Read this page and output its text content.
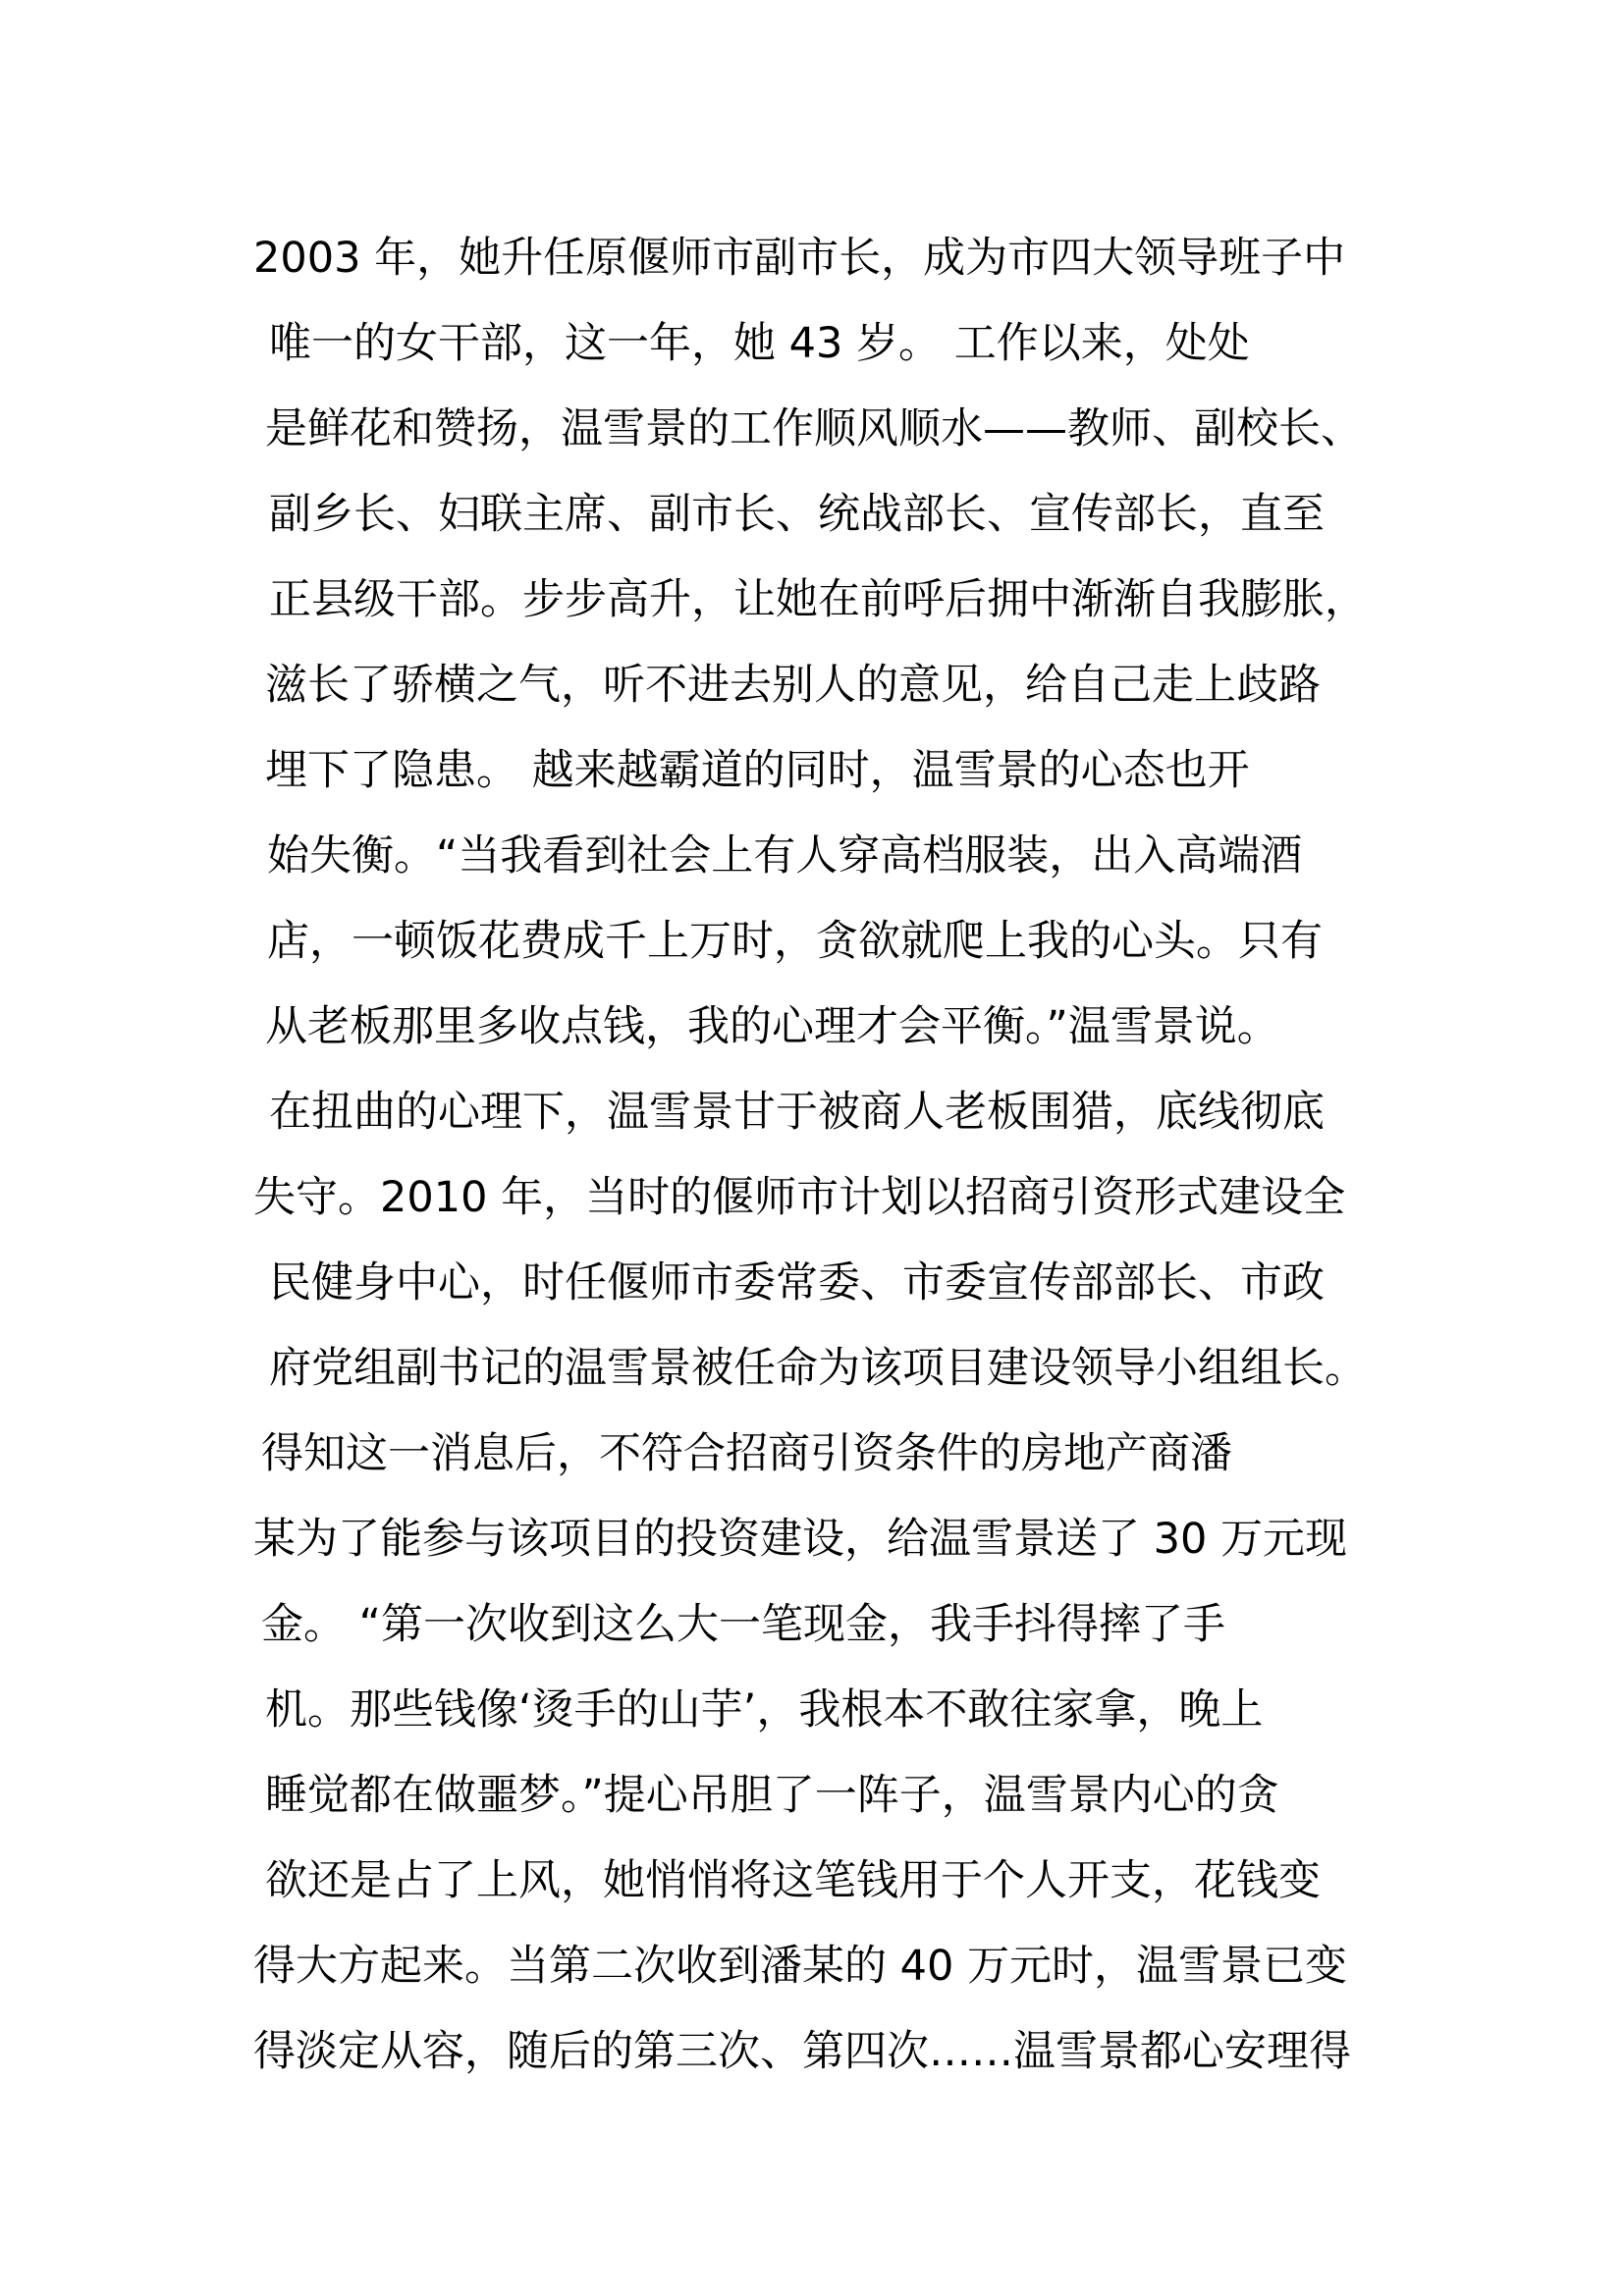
2003 年，她升任原偃师市副市长，成为市四大领导班子中
唯一的女干部，这一年，她 43 岁。 工作以来，处处
是鲜花和赞扬，温雪景的工作顺风顺水——教师、副校长、
副乡长、妇联主席、副市长、统战部长、宣传部长，直至
正县级干部。步步高升，让她在前呼后拥中渐渐自我膨胀，
滋长了骄横之气，听不进去别人的意见，给自己走上歧路
埋下了隐患。 越来越霸道的同时，温雪景的心态也开
始失衡。“当我看到社会上有人穿高档服装，出入高端酒
店，一顿饭花费成千上万时，贪欲就爬上我的心头。只有
从老板那里多收点钱，我的心理才会平衡。”温雪景说。
在扭曲的心理下，温雪景甘于被商人老板围猎，底线彻底
失守。2010 年，当时的偃师市计划以招商引资形式建设全
民健身中心，时任偃师市委常委、市委宣传部部长、市政
府党组副书记的温雪景被任命为该项目建设领导小组组长。
得知这一消息后，不符合招商引资条件的房地产商潘
某为了能参与该项目的投资建设，给温雪景送了 30 万元现
金。 “第一次收到这么大一笔现金，我手抖得摔了手
机。那些钱像‘烫手的山芋’，我根本不敢往家拿，晚上
睡觉都在做噩梦。”提心吊胆了一阵子，温雪景内心的贪
欲还是占了上风，她悄悄将这笔钱用于个人开支，花钱变
得大方起来。当第二次收到潘某的 40 万元时，温雪景已变
得淡定从容，随后的第三次、第四次……温雪景都心安理得
